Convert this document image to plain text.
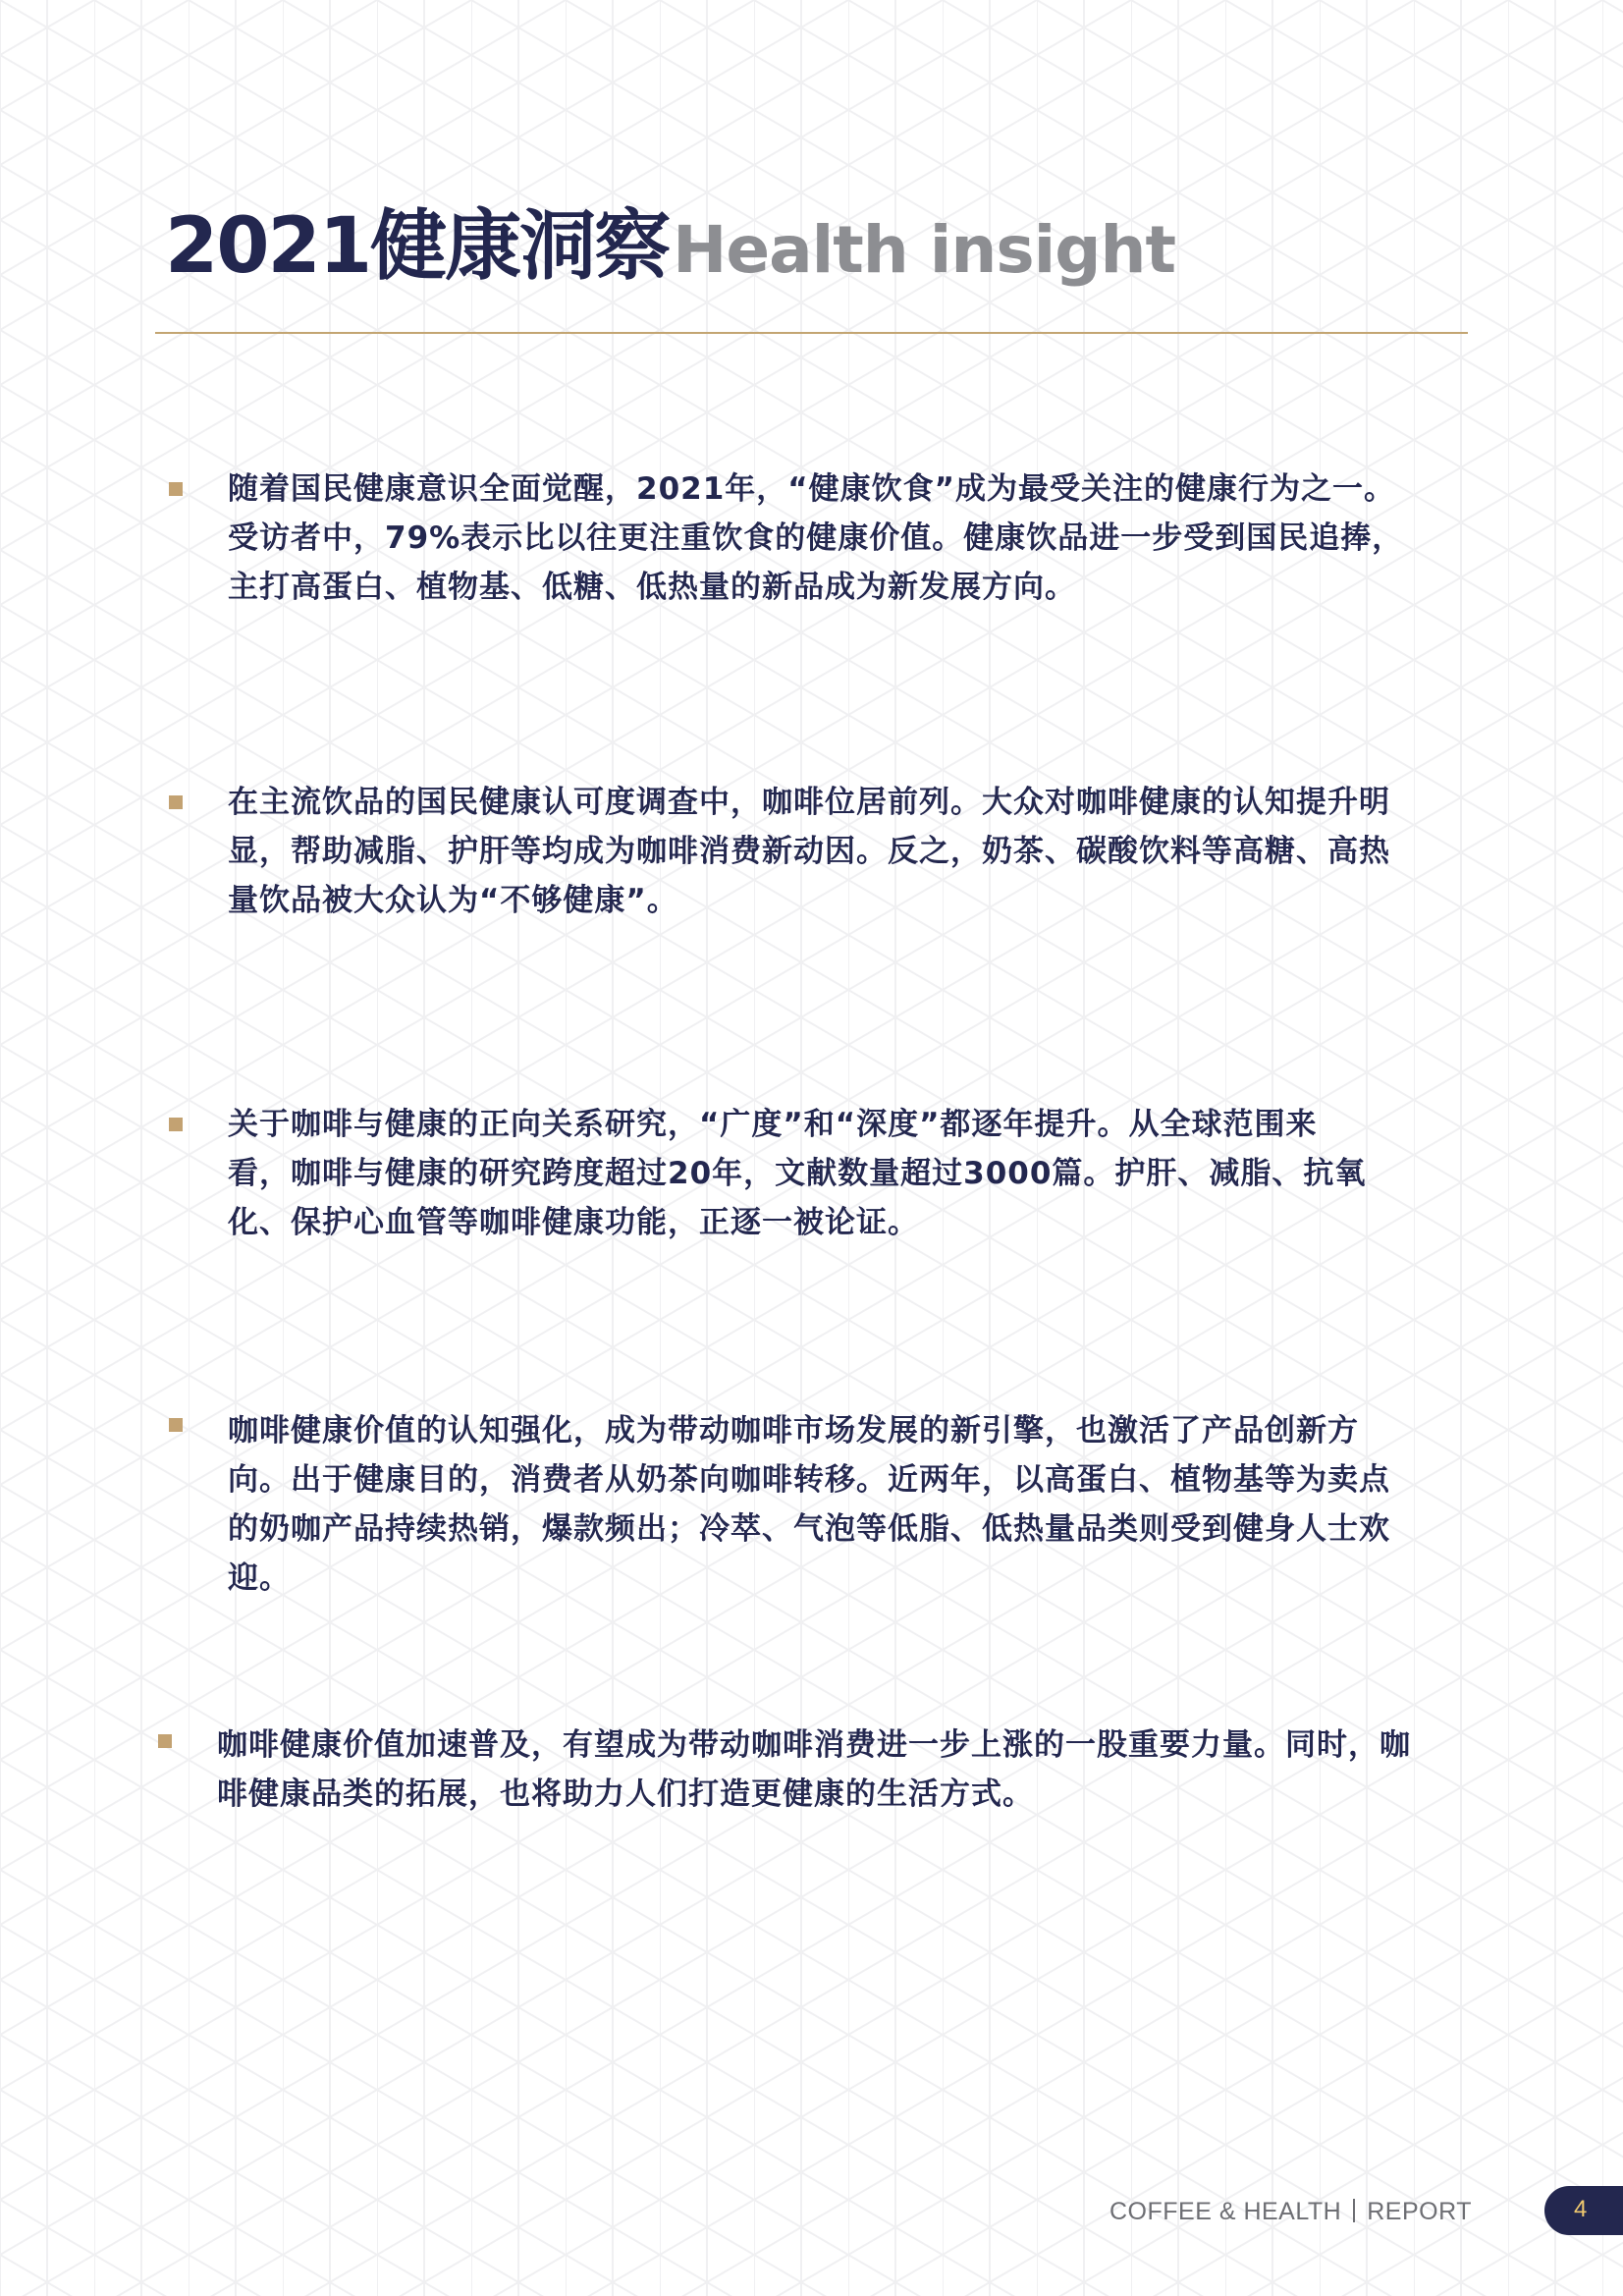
2021健康洞察Health insight
随着国民健康意识全面觉醒，2021年，“健康饮食”成为最受关注的健康行为之一。
受访者中，79%表示比以往更注重饮食的健康价值。健康饮品进一步受到国民追捧，
主打高蛋白、植物基、低糖、低热量的新品成为新发展方向。
在主流饮品的国民健康认可度调查中，咖啡位居前列。大众对咖啡健康的认知提升明
显，帮助减脂、护肝等均成为咖啡消费新动因。反之，奶茶、碳酸饮料等高糖、高热
量饮品被大众认为“不够健康”。
关于咖啡与健康的正向关系研究，“广度”和“深度”都逐年提升。从全球范围来
看，咖啡与健康的研究跨度超过20年，文献数量超过3000篇。护肝、减脂、抗氧
化、保护心血管等咖啡健康功能，正逐一被论证。
咖啡健康价值的认知强化，成为带动咖啡市场发展的新引擎，也激活了产品创新方
向。出于健康目的，消费者从奶茶向咖啡转移。近两年，以高蛋白、植物基等为卖点
的奶咖产品持续热销，爆款频出；冷萃、气泡等低脂、低热量品类则受到健身人士欢
迎。
咖啡健康价值加速普及，有望成为带动咖啡消费进一步上涨的一股重要力量。同时，咖
啡健康品类的拓展，也将助力人们打造更健康的生活方式。
COFFEE & HEALTH REPORT	4
